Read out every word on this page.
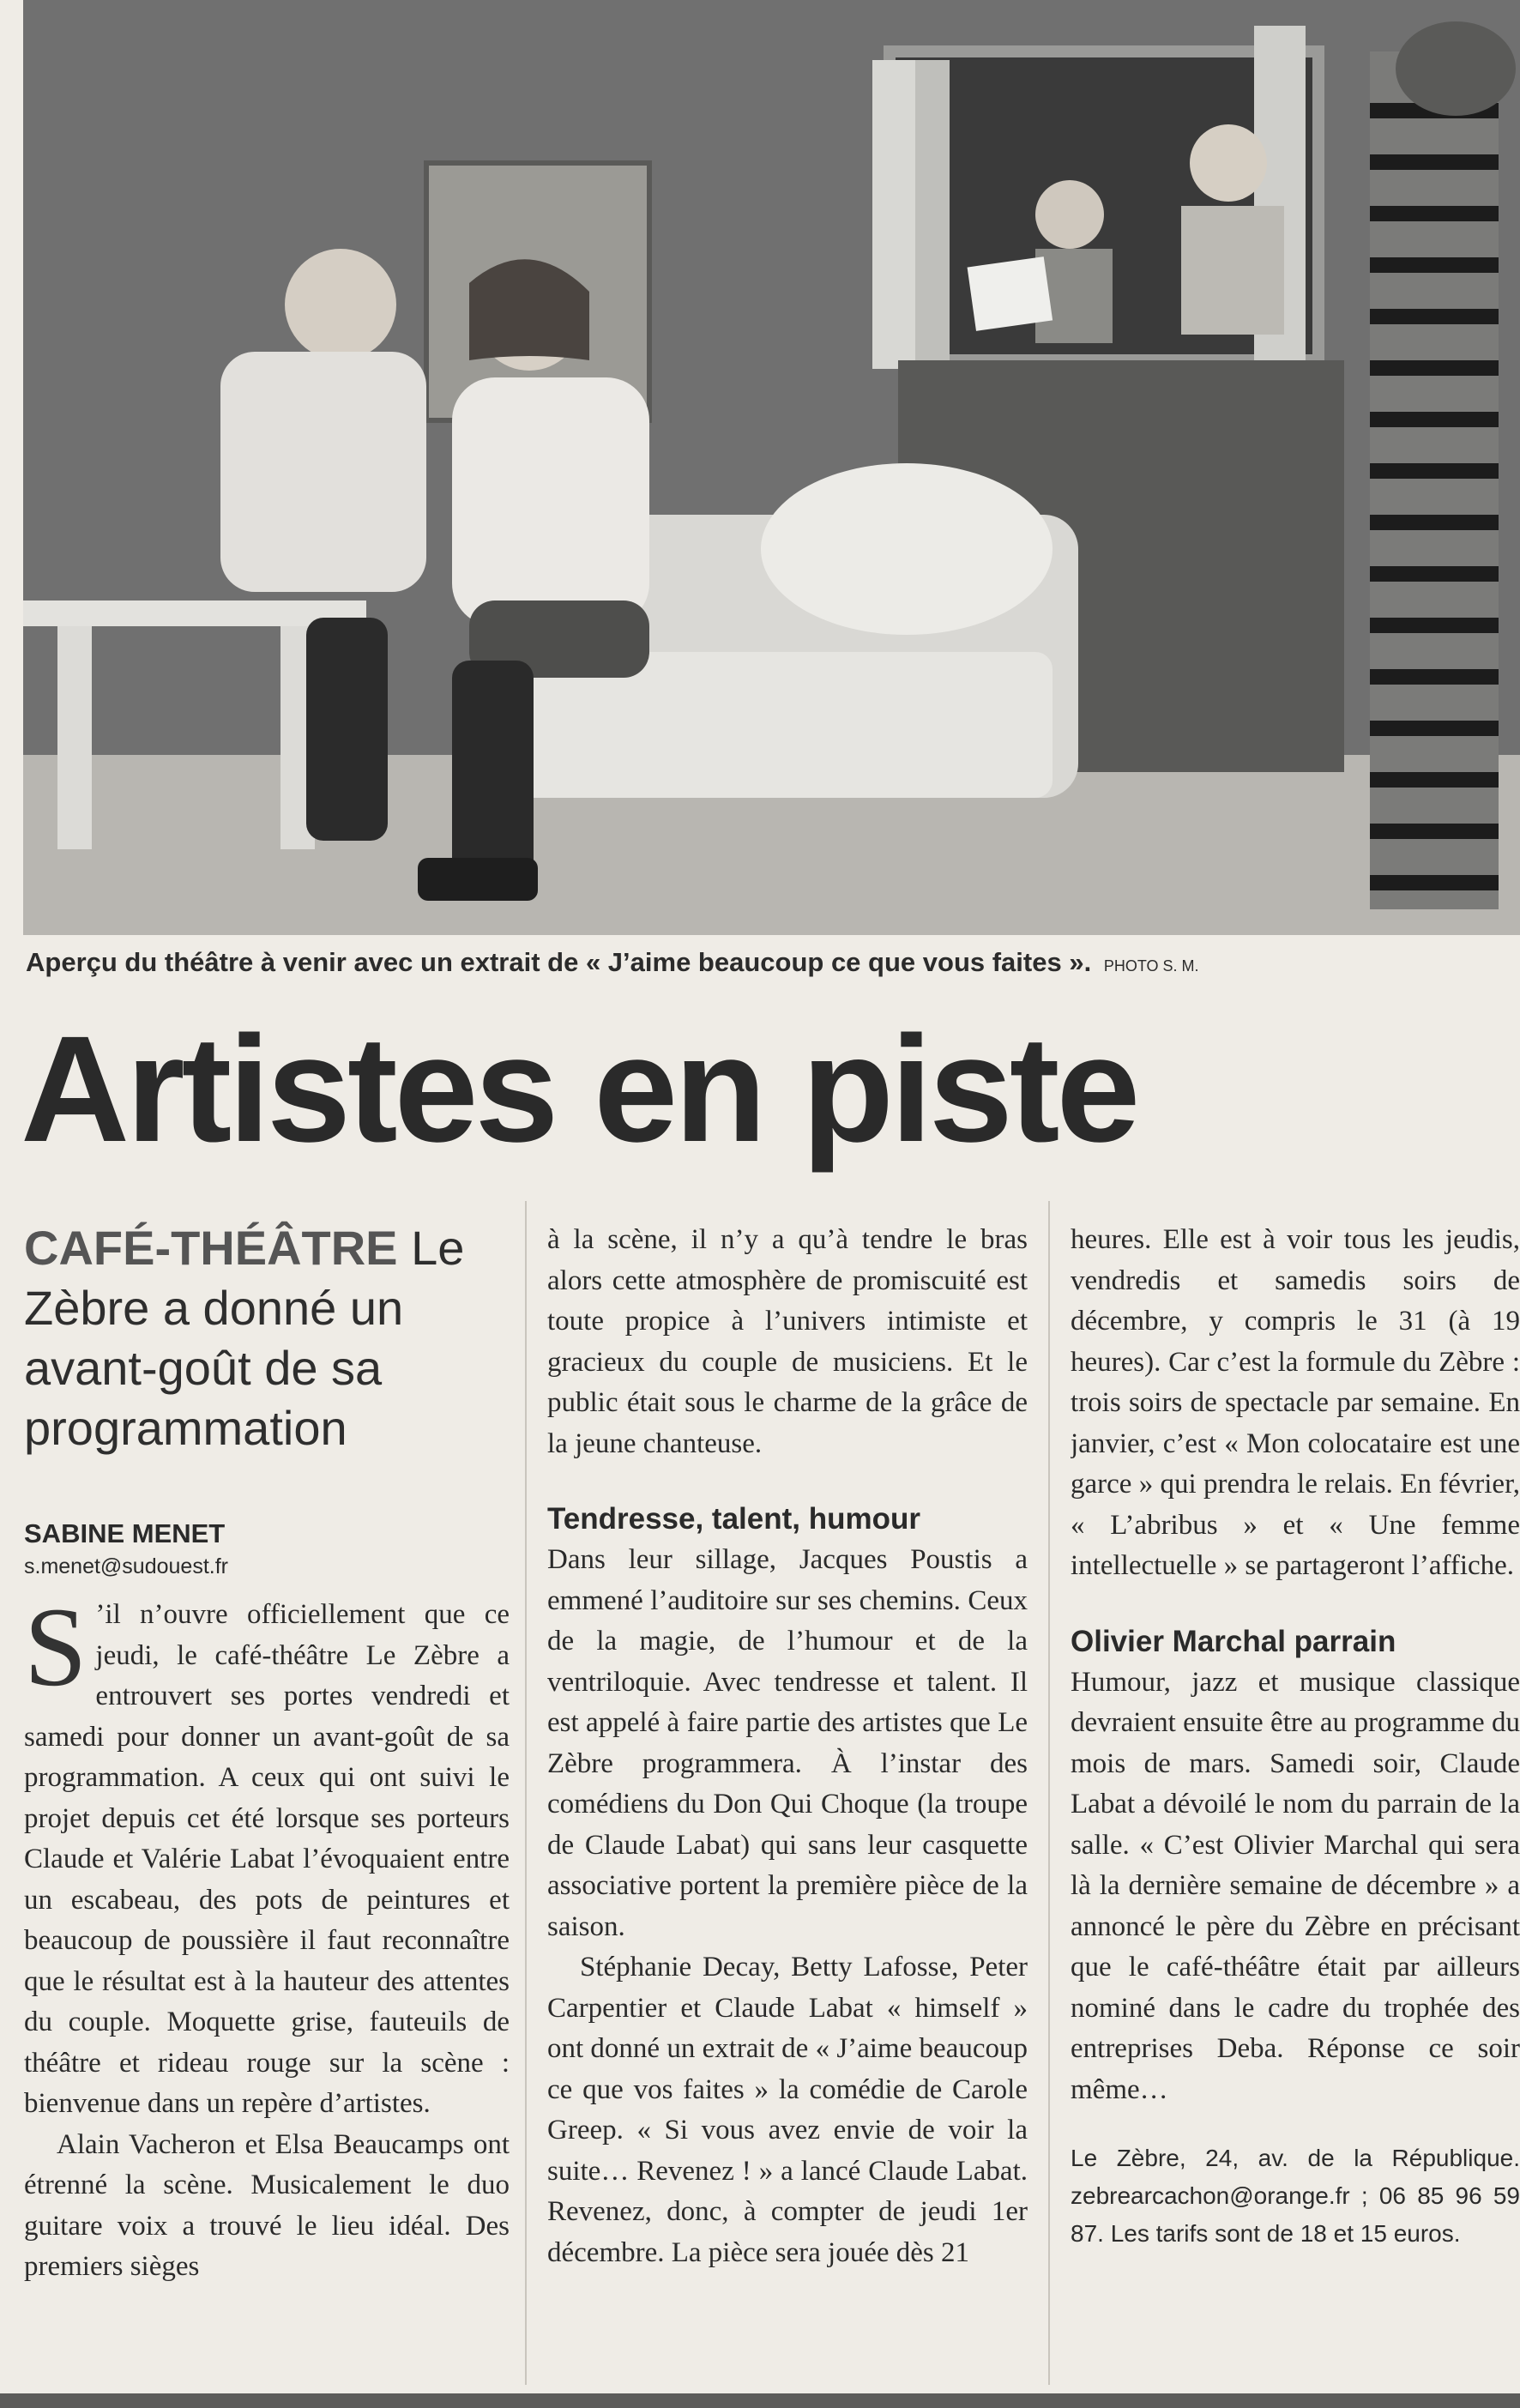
Aperçu du théâtre à venir avec un extrait de « J’aime beaucoup ce que vous faites ». PHOTO S. M.
Artistes en piste
CAFÉ-THÉÂTRE Le Zèbre a donné un avant-goût de sa programmation
SABINE MENET
s.menet@sudouest.fr

S ’il n’ouvre officiellement que ce jeudi, le café-théâtre Le Zèbre a entrouvert ses portes vendredi et samedi pour donner un avant-goût de sa programmation. A ceux qui ont suivi le projet depuis cet été lorsque ses porteurs Claude et Valérie Labat l’évoquaient entre un escabeau, des pots de peintures et beaucoup de poussière il faut reconnaître que le résultat est à la hauteur des attentes du couple. Moquette grise, fauteuils de théâtre et rideau rouge sur la scène : bienvenue dans un repère d’artistes.

Alain Vacheron et Elsa Beaucamps ont étrenné la scène. Musicalement le duo guitare voix a trouvé le lieu idéal. Des premiers sièges

à la scène, il n’y a qu’à tendre le bras alors cette atmosphère de promiscuité est toute propice à l’univers intimiste et gracieux du couple de musiciens. Et le public était sous le charme de la grâce de la jeune chanteuse.

Tendresse, talent, humour

Dans leur sillage, Jacques Poustis a emmené l’auditoire sur ses chemins. Ceux de la magie, de l’humour et de la ventriloquie. Avec tendresse et talent. Il est appelé à faire partie des artistes que Le Zèbre programmera. À l’instar des comédiens du Don Qui Choque (la troupe de Claude Labat) qui sans leur casquette associative portent la première pièce de la saison.

Stéphanie Decay, Betty Lafosse, Peter Carpentier et Claude Labat « himself » ont donné un extrait de « J’aime beaucoup ce que vos faites » la comédie de Carole Greep. « Si vous avez envie de voir la suite… Revenez ! » a lancé Claude Labat. Revenez, donc, à compter de jeudi 1er décembre. La pièce sera jouée dès 21

heures. Elle est à voir tous les jeudis, vendredis et samedis soirs de décembre, y compris le 31 (à 19 heures). Car c’est la formule du Zèbre : trois soirs de spectacle par semaine. En janvier, c’est « Mon colocataire est une garce » qui prendra le relais. En février, « L’abribus » et « Une femme intellectuelle » se partageront l’affiche.

Olivier Marchal parrain

Humour, jazz et musique classique devraient ensuite être au programme du mois de mars. Samedi soir, Claude Labat a dévoilé le nom du parrain de la salle. « C’est Olivier Marchal qui sera là la dernière semaine de décembre » a annoncé le père du Zèbre en précisant que le café-théâtre était par ailleurs nominé dans le cadre du trophée des entreprises Deba. Réponse ce soir même…

Le Zèbre, 24, av. de la République. zebrearcachon@orange.fr ; 06 85 96 59 87. Les tarifs sont de 18 et 15 euros.
